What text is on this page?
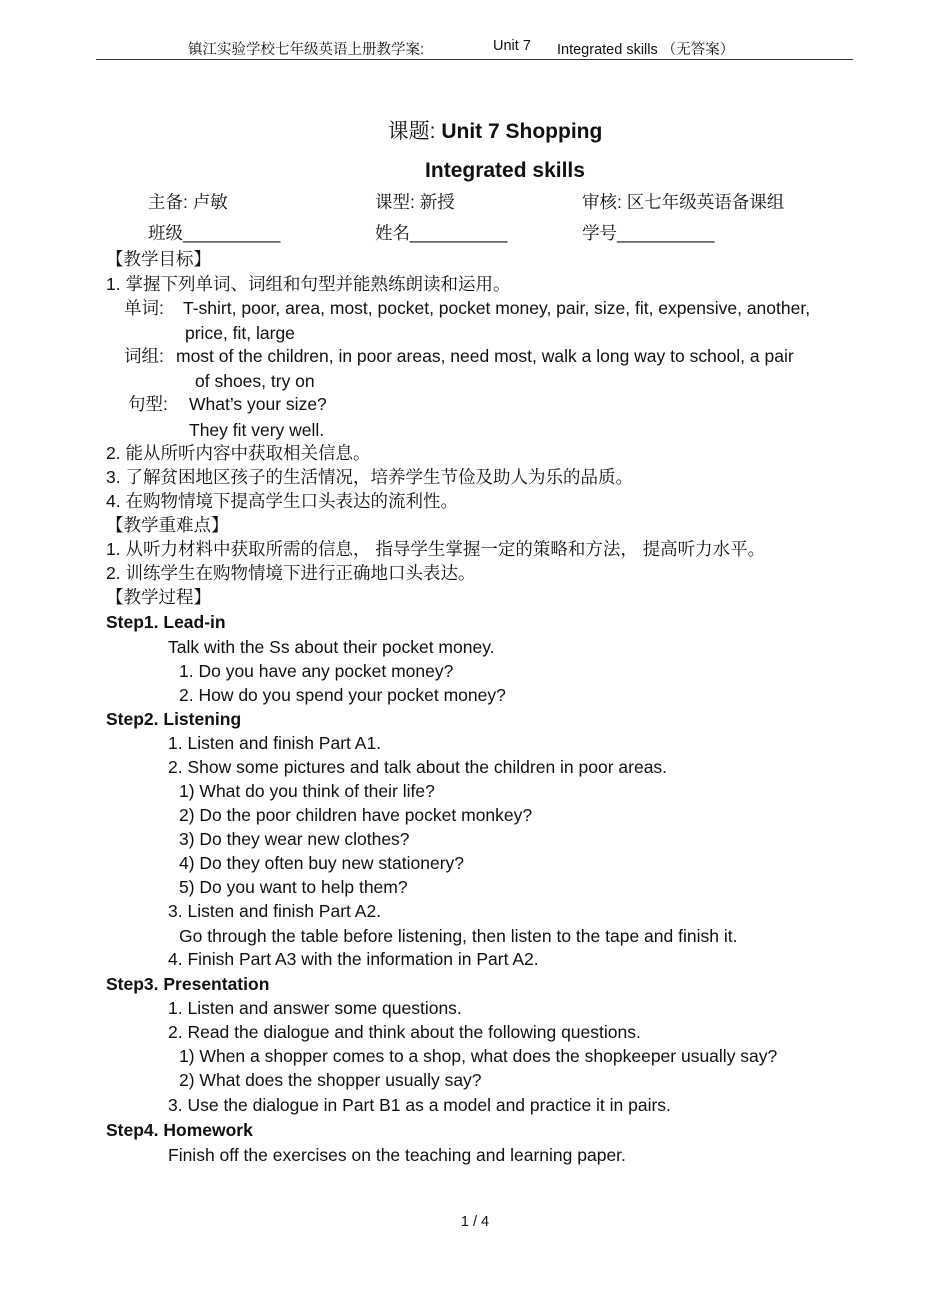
镇江实验学校七年级英语上册教学案:	Unit 7 Integrated skills （无答案）
课题: Unit 7 Shopping
Integrated skills
主备: 卢敏	课型: 新授	审核: 区七年级英语备课组
班级__________	姓名__________	学号__________
【教学目标】
1. 掌握下列单词、词组和句型并能熟练朗读和运用。
单词: T-shirt, poor, area, most, pocket, pocket money, pair, size, fit, expensive, another,
price, fit, large
词组: most of the children, in poor areas, need most, walk a long way to school, a pair
of shoes, try on
句型: What’s your size?
They fit very well.
2. 能从所听内容中获取相关信息。
3. 了解贫困地区孩子的生活情况，培养学生节俭及助人为乐的品质。
4. 在购物情境下提高学生口头表达的流利性。
【教学重难点】
1. 从听力材料中获取所需的信息， 指导学生掌握一定的策略和方法， 提高听力水平。
2. 训练学生在购物情境下进行正确地口头表达。
【教学过程】
Step1. Lead-in
Talk with the Ss about their pocket money.
1. Do you have any pocket money?
2. How do you spend your pocket money?
Step2. Listening
1. Listen and finish Part A1.
2. Show some pictures and talk about the children in poor areas.
1) What do you think of their life?
2) Do the poor children have pocket monkey?
3) Do they wear new clothes?
4) Do they often buy new stationery?
5) Do you want to help them?
3. Listen and finish Part A2.
Go through the table before listening, then listen to the tape and finish it.
4. Finish Part A3 with the information in Part A2.
Step3. Presentation
1. Listen and answer some questions.
2. Read the dialogue and think about the following questions.
1) When a shopper comes to a shop, what does the shopkeeper usually say?
2) What does the shopper usually say?
3. Use the dialogue in Part B1 as a model and practice it in pairs.
Step4. Homework
Finish off the exercises on the teaching and learning paper.
1 / 4
